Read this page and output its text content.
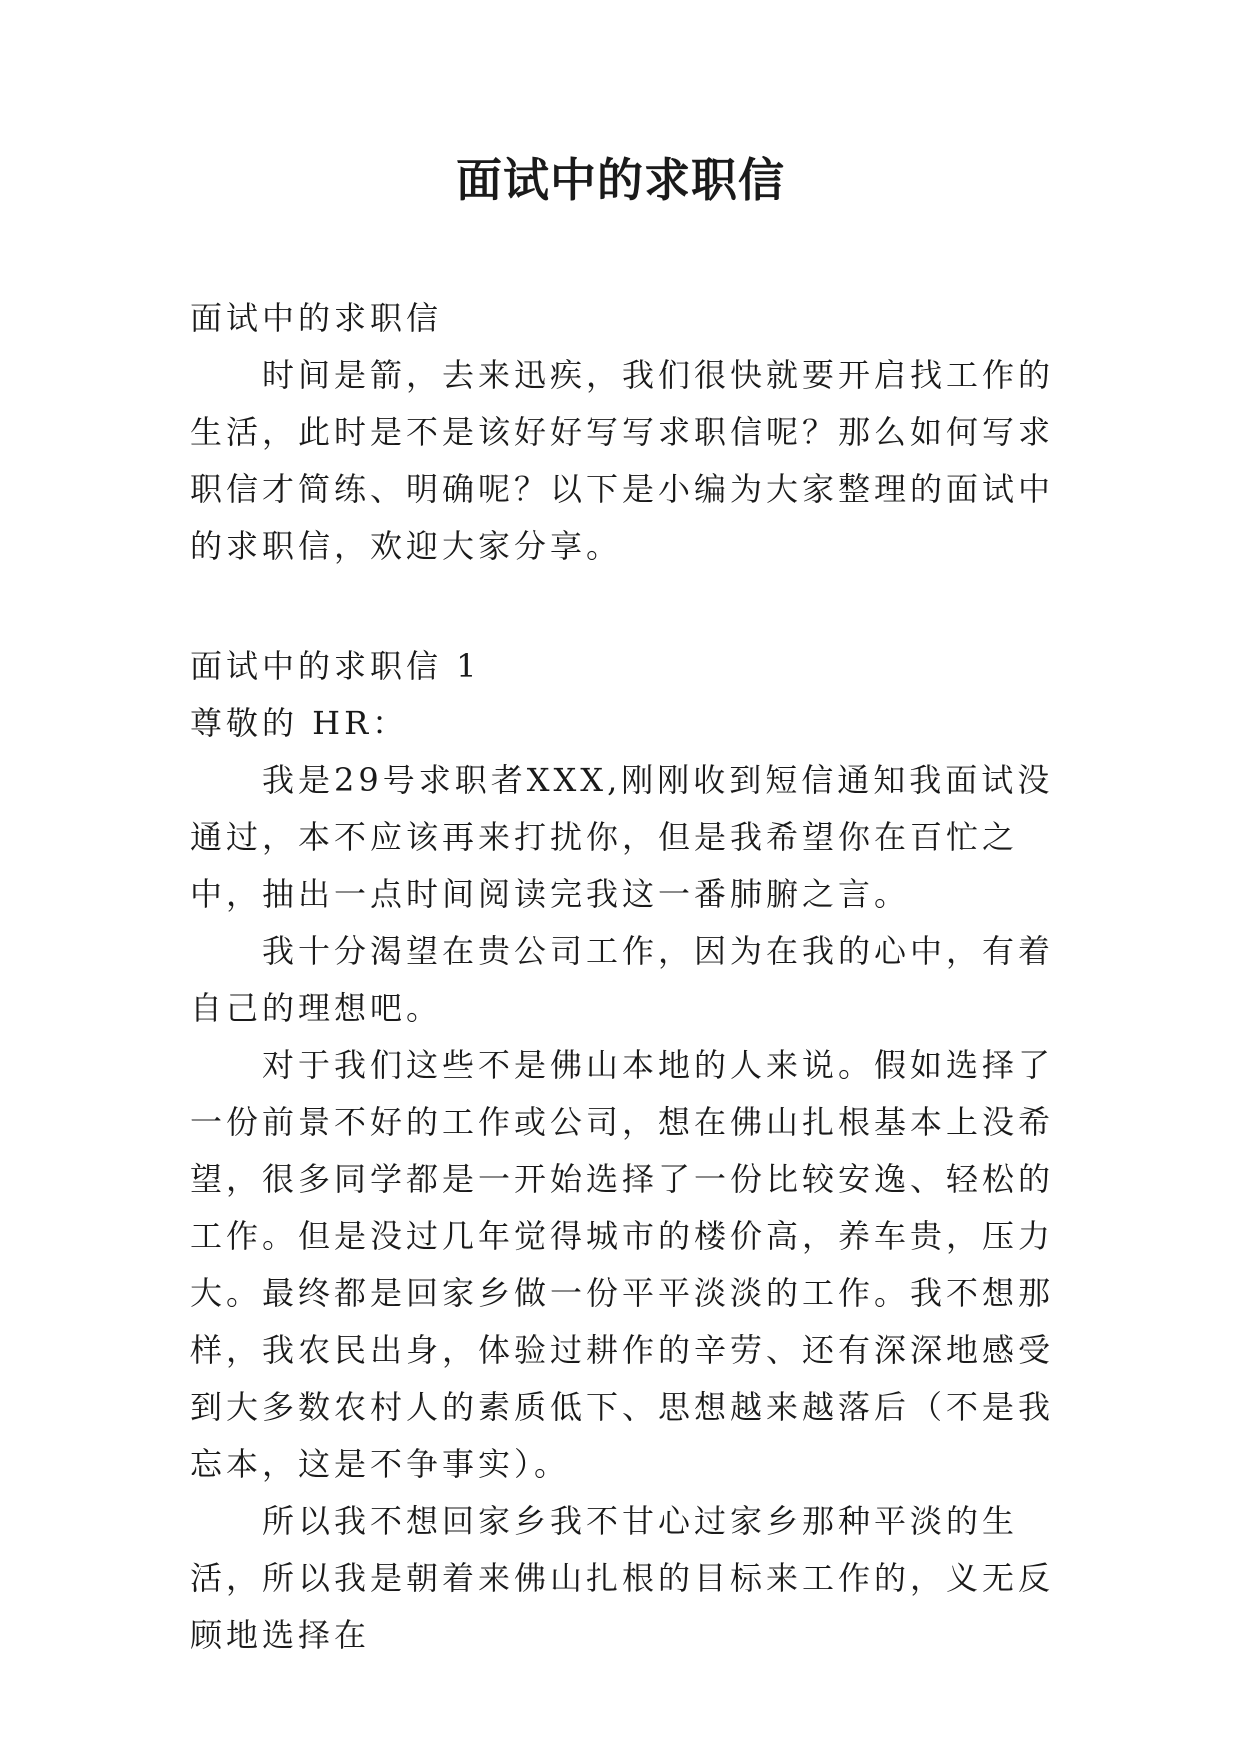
面试中的求职信
面试中的求职信

时间是箭，去来迅疾，我们很快就要开启找工作的生活，此时是不是该好好写写求职信呢？那么如何写求职信才简练、明确呢？以下是小编为大家整理的面试中的求职信，欢迎大家分享。

面试中的求职信 1
尊敬的 HR：

我是29号求职者XXX,刚刚收到短信通知我面试没通过，本不应该再来打扰你，但是我希望你在百忙之中，抽出一点时间阅读完我这一番肺腑之言。

我十分渴望在贵公司工作，因为在我的心中，有着自己的理想吧。

对于我们这些不是佛山本地的人来说。假如选择了一份前景不好的工作或公司，想在佛山扎根基本上没希望，很多同学都是一开始选择了一份比较安逸、轻松的工作。但是没过几年觉得城市的楼价高，养车贵，压力大。最终都是回家乡做一份平平淡淡的工作。我不想那样，我农民出身，体验过耕作的辛劳、还有深深地感受到大多数农村人的素质低下、思想越来越落后（不是我忘本，这是不争事实）。

所以我不想回家乡我不甘心过家乡那种平淡的生活，所以我是朝着来佛山扎根的目标来工作的，义无反顾地选择在
